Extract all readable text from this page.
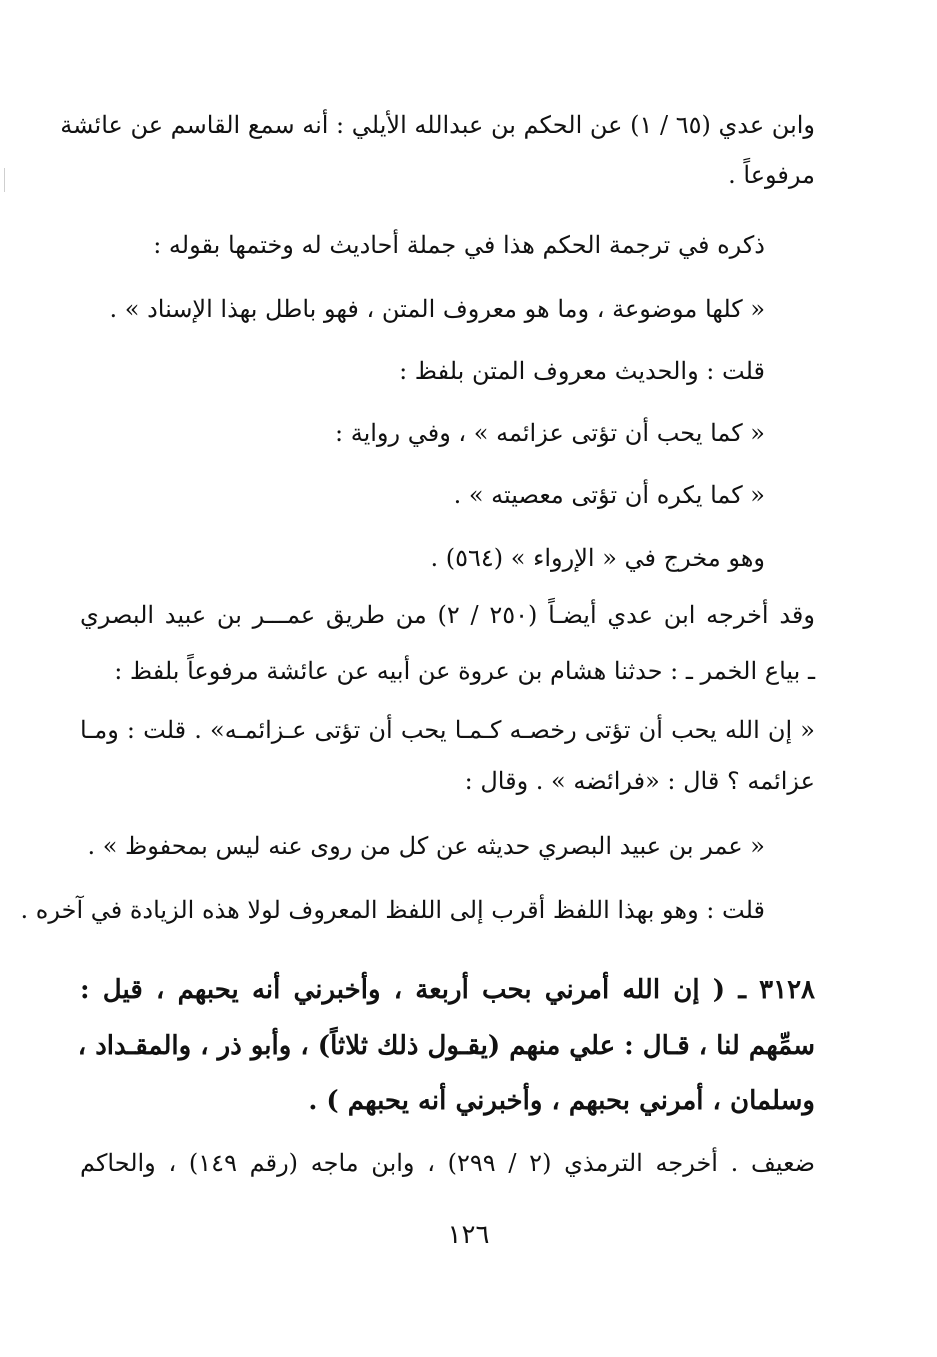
وابن عدي (٦٥ / ١) عن الحكم بن عبدالله الأيلي : أنه سمع القاسم عن عائشة
مرفوعاً .
ذكره في ترجمة الحكم هذا في جملة أحاديث له وختمها بقوله :
« كلها موضوعة ، وما هو معروف المتن ، فهو باطل بهذا الإسناد » .
قلت : والحديث معروف المتن بلفظ :
« كما يحب أن تؤتى عزائمه » ، وفي رواية :
« كما يكره أن تؤتى معصيته » .
وهو مخرج في « الإرواء » (٥٦٤) .
وقد أخرجه ابن عدي أيضـاً (٢٥٠ / ٢) من طريق عمـــر بن عبيد البصري
ـ بياع الخمر ـ : حدثنا هشام بن عروة عن أبيه عن عائشة مرفوعاً بلفظ :
« إن الله يحب أن تؤتى رخصـه كـمـا يحب أن تؤتى عـزائمـه» . قلت : ومـا
عزائمه ؟ قال : «فرائضه » . وقال :
« عمر بن عبيد البصري حديثه عن كل من روى عنه ليس بمحفوظ » .
قلت : وهو بهذا اللفظ أقرب إلى اللفظ المعروف لولا هذه الزيادة في آخره .
٣١٢٨ ـ ( إن الله أمرني بحب أربعة ، وأخبرني أنه يحبهم ، قيل :
سمِّهم لنا ، قـال : علي منهم (يقـول ذلك ثلاثاً) ، وأبو ذر ، والمقـداد ،
وسلمان ، أمرني بحبهم ، وأخبرني أنه يحبهم ) .
ضعيف . أخرجه الترمذي (٢ / ٢٩٩) ، وابن ماجه (رقم ١٤٩) ، والحاكم
١٢٦
